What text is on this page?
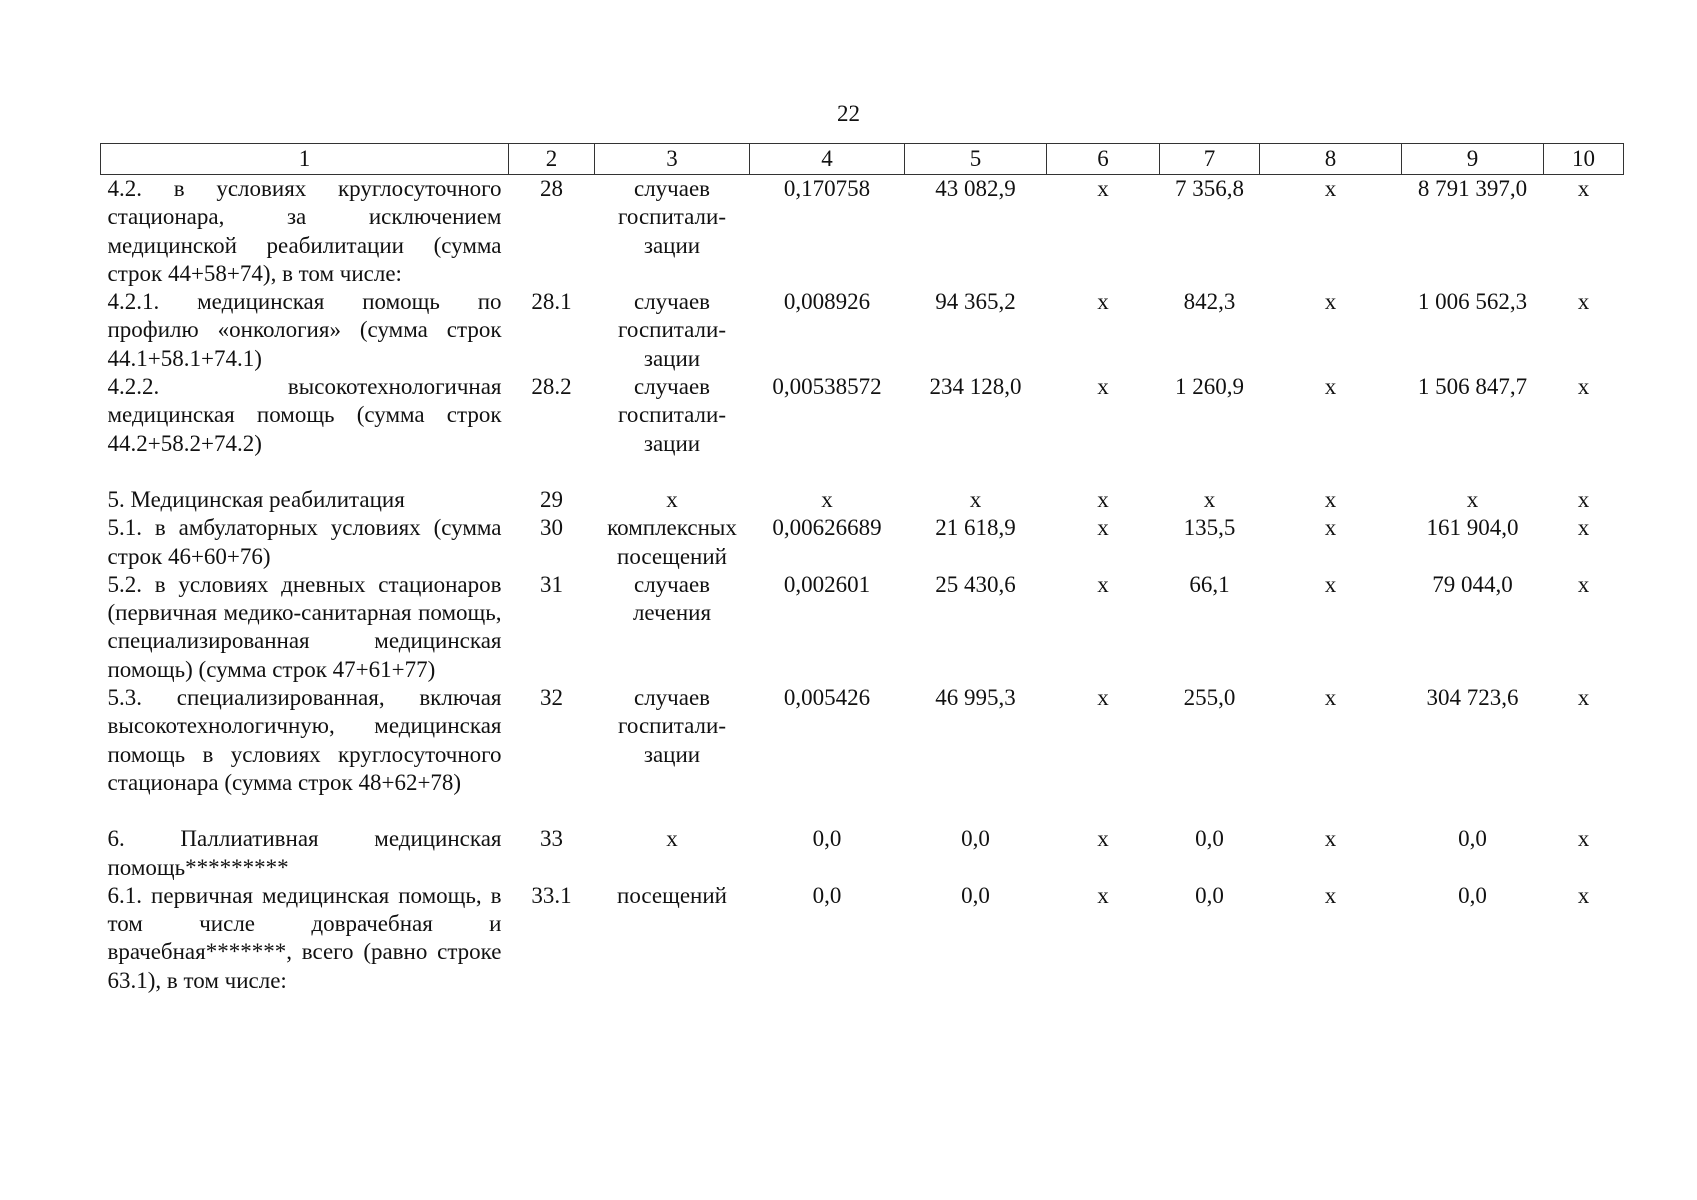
22
1	2	3	4	5	6	7	8	9	10
4.2. в условиях круглосуточного стационара, за исключением медицинской реабилитации (сумма строк 44+58+74), в том числе:	28	случаев госпитализации	0,170758	43 082,9	х	7 356,8	х	8 791 397,0	х
4.2.1. медицинская помощь по профилю «онкология» (сумма строк 44.1+58.1+74.1)	28.1	случаев госпитализации	0,008926	94 365,2	х	842,3	х	1 006 562,3	х
4.2.2. высокотехнологичная медицинская помощь (сумма строк 44.2+58.2+74.2)	28.2	случаев госпитализации	0,00538572	234 128,0	х	1 260,9	х	1 506 847,7	х
5. Медицинская реабилитация	29	х	х	х	х	х	х	х	х
5.1. в амбулаторных условиях (сумма строк 46+60+76)	30	комплексных посещений	0,00626689	21 618,9	х	135,5	х	161 904,0	х
5.2. в условиях дневных стационаров (первичная медико-санитарная помощь, специализированная медицинская помощь) (сумма строк 47+61+77)	31	случаев лечения	0,002601	25 430,6	х	66,1	х	79 044,0	х
5.3. специализированная, включая высокотехнологичную, медицинская помощь в условиях круглосуточного стационара (сумма строк 48+62+78)	32	случаев госпитализации	0,005426	46 995,3	х	255,0	х	304 723,6	х
6. Паллиативная медицинская помощь*********	33	х	0,0	0,0	х	0,0	х	0,0	х
6.1. первичная медицинская помощь, в том числе доврачебная и врачебная*******, всего (равно строке 63.1), в том числе:	33.1	посещений	0,0	0,0	х	0,0	х	0,0	х
